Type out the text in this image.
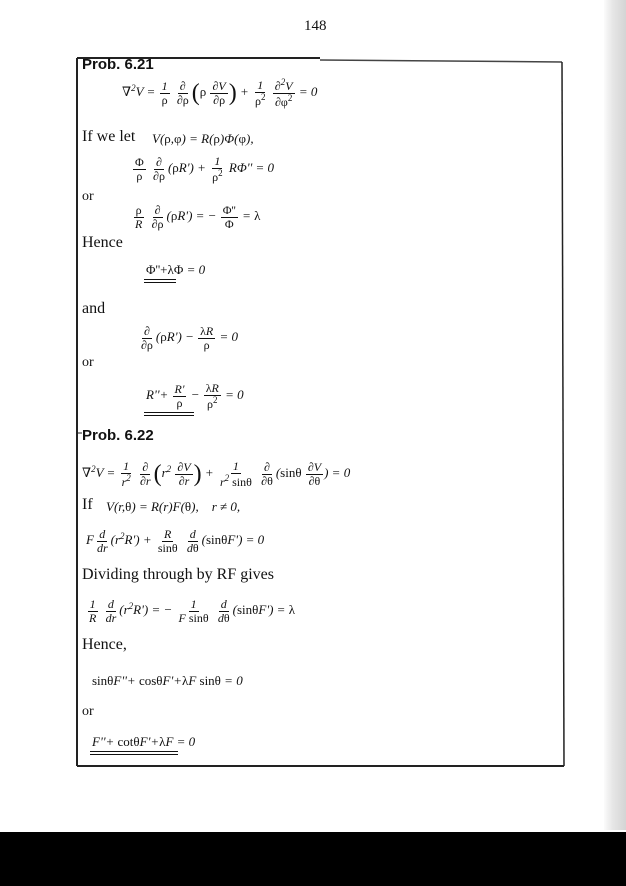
148
Prob. 6.21
$\nabla^2V = \frac{1}{\rho}$
$\frac{\partial}{\partial\rho} (\rho \frac{\partial V}{\partial\rho}$ ) + $\frac{1}{\rho^2}$
$\frac{\partial^2V}{\partial\varphi^2} = 0$
If we let V(ρ,φ) = R(ρ)Φ(φ),
$\frac{\Phi}{\rho}$
$\frac{\partial}{\partial\rho} (\rho R') + \frac{1}{\rho^2} R\Phi'' = 0$
or
$\frac{\rho}{R}$
$\frac{\partial}{\partial\rho} (\rho R')$ = − $\frac{\Phi''}{\Phi} = \lambda$
Hence
Φ''+λΦ = 0
and
$\frac{\partial}{\partial\rho} (\rho R') - \frac{\lambda R}{\rho} = 0$
or
$R''+ \frac{R'}{\rho} - \frac{\lambda R}{\rho^2} = 0$
Prob. 6.22
$\nabla^2V = \frac{1}{r^2}$
$\frac{\partial}{\partial r} (r^2 \frac{\partial V}{\partial r}$ ) + $\frac{1}{r^2 \sin\theta}$
$\frac{\partial}{\partial\theta} (\sin\theta \frac{\partial V}{\partial\theta}$ ) = 0
If V(r,θ) = R(r)F(θ),    r ≠ 0,
F $\frac{d}{dr} (r^2R') + \frac{R}{\sin\theta}$
$\frac{d}{d\theta} (\sin\theta F') = 0$
Dividing through by RF gives
$\frac{1}{R}$
$\frac{d}{dr} (r^2R')$ = − $\frac{1}{\text{F sinθ}}$
$\frac{d}{d\theta} (\sin\theta F') = \lambda$
Hence,
sinθF''+ cosθF'+λF sinθ = 0
or
F''+ cotθF'+λF = 0
